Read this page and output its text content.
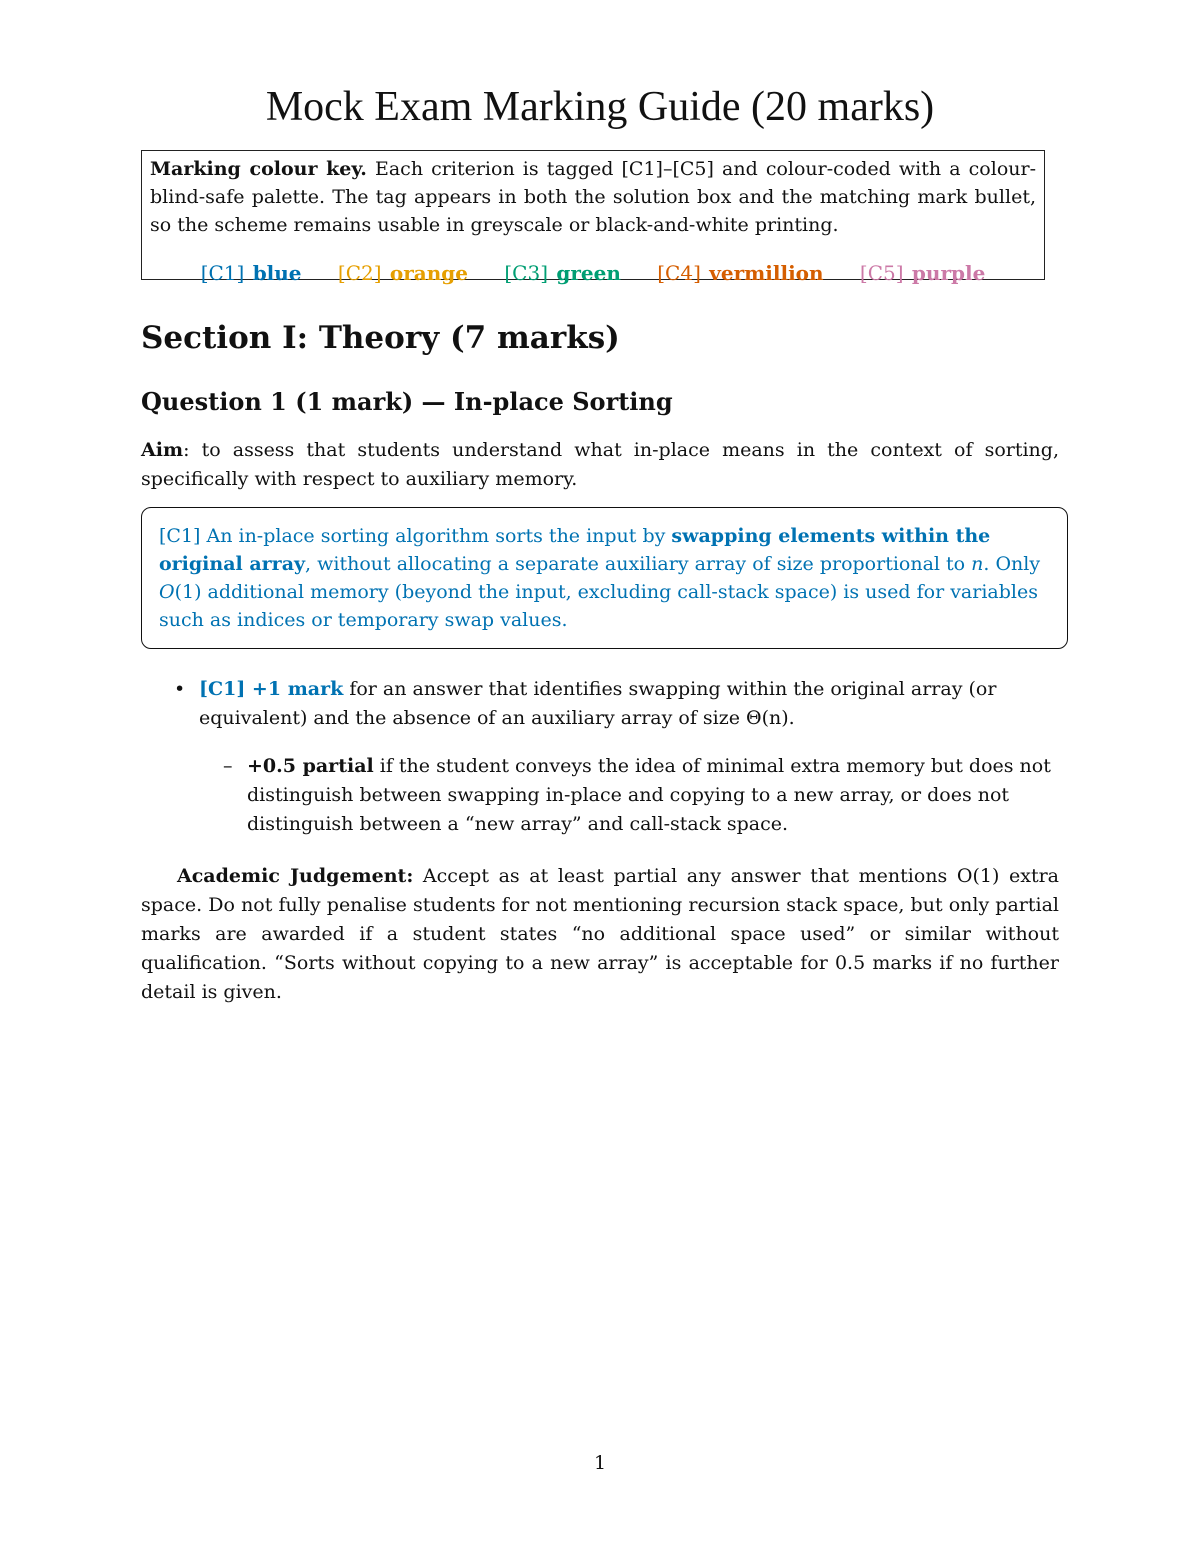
Mock Exam Marking Guide (20 marks)
Marking colour key. Each criterion is tagged [C1]–[C5] and colour-coded with a colour-blind-safe palette. The tag appears in both the solution box and the matching mark bullet, so the scheme remains usable in greyscale or black-and-white printing.
[C1] blue [C2] orange [C3] green [C4] vermillion [C5] purple
Section I: Theory (7 marks)
Question 1 (1 mark) — In-place Sorting

Aim: to assess that students understand what in-place means in the context of sorting, specifically with respect to auxiliary memory.

[C1] An in-place sorting algorithm sorts the input by swapping elements within the original array, without allocating a separate auxiliary array of size proportional to n. Only O(1) additional memory (beyond the input, excluding call-stack space) is used for variables such as indices or temporary swap values.
• [C1] +1 mark for an answer that identifies swapping within the original array (or equivalent) and the absence of an auxiliary array of size Θ(n).
– +0.5 partial if the student conveys the idea of minimal extra memory but does not distinguish between swapping in-place and copying to a new array, or does not distinguish between a “new array” and call-stack space.

Academic Judgement: Accept as at least partial any answer that mentions O(1) extra space. Do not fully penalise students for not mentioning recursion stack space, but only partial marks are awarded if a student states “no additional space used” or similar without qualification. “Sorts without copying to a new array” is acceptable for 0.5 marks if no further detail is given.

1
